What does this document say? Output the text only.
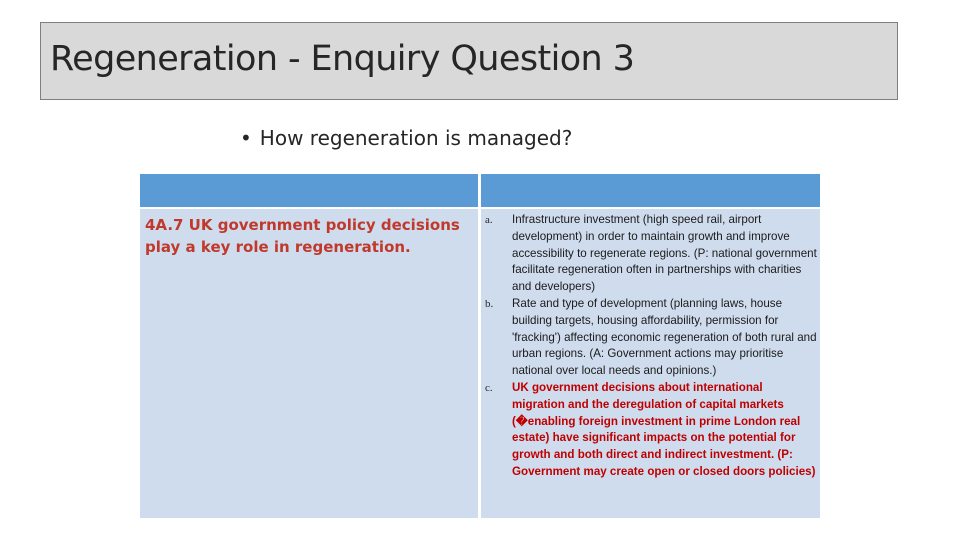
Regeneration - Enquiry Question 3
• How regeneration is managed?
4A.7 UK government policy decisions play a key role in regeneration.
a.	Infrastructure investment (high speed rail, airport development) in order to maintain growth and improve accessibility to regenerate regions. (P: national government facilitate regeneration often in partnerships with charities and developers)
b.	Rate and type of development (planning laws, house building targets, housing affordability, permission for 'fracking') affecting economic regeneration of both rural and urban regions. (A: Government actions may prioritise national over local needs and opinions.)
c.	UK government decisions about international migration and the deregulation of capital markets (�enabling foreign investment in prime London real estate) have significant impacts on the potential for growth and both direct and indirect investment. (P: Government may create open or closed doors policies)
